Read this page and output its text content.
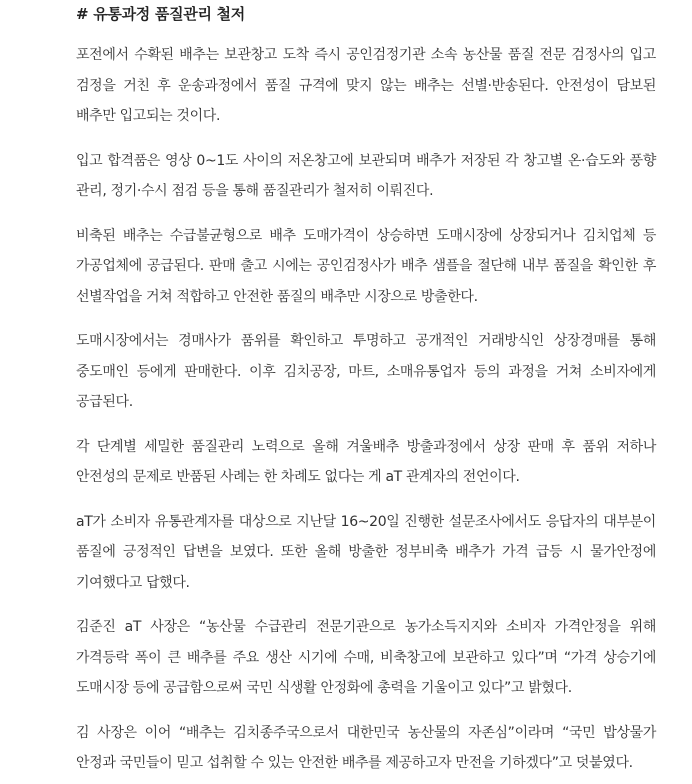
# 유통과정 품질관리 철저

포전에서 수확된 배추는 보관창고 도착 즉시 공인검정기관 소속 농산물 품질 전문 검정사의 입고 검정을 거친 후 운송과정에서 품질 규격에 맞지 않는 배추는 선별·반송된다. 안전성이 담보된 배추만 입고되는 것이다.

입고 합격품은 영상 0~1도 사이의 저온창고에 보관되며 배추가 저장된 각 창고별 온·습도와 풍향 관리, 정기·수시 점검 등을 통해 품질관리가 철저히 이뤄진다.

비축된 배추는 수급불균형으로 배추 도매가격이 상승하면 도매시장에 상장되거나 김치업체 등 가공업체에 공급된다. 판매 출고 시에는 공인검정사가 배추 샘플을 절단해 내부 품질을 확인한 후 선별작업을 거쳐 적합하고 안전한 품질의 배추만 시장으로 방출한다.

도매시장에서는 경매사가 품위를 확인하고 투명하고 공개적인 거래방식인 상장경매를 통해 중도매인 등에게 판매한다. 이후 김치공장, 마트, 소매유통업자 등의 과정을 거쳐 소비자에게 공급된다.

각 단계별 세밀한 품질관리 노력으로 올해 겨울배추 방출과정에서 상장 판매 후 품위 저하나 안전성의 문제로 반품된 사례는 한 차례도 없다는 게 aT 관계자의 전언이다.

aT가 소비자 유통관계자를 대상으로 지난달 16~20일 진행한 설문조사에서도 응답자의 대부분이 품질에 긍정적인 답변을 보였다. 또한 올해 방출한 정부비축 배추가 가격 급등 시 물가안정에 기여했다고 답했다.

김준진 aT 사장은 “농산물 수급관리 전문기관으로 농가소득지지와 소비자 가격안정을 위해 가격등락 폭이 큰 배추를 주요 생산 시기에 수매, 비축창고에 보관하고 있다”며 “가격 상승기에 도매시장 등에 공급함으로써 국민 식생활 안정화에 총력을 기울이고 있다”고 밝혔다.

김 사장은 이어 “배추는 김치종주국으로서 대한민국 농산물의 자존심”이라며 “국민 밥상물가 안정과 국민들이 믿고 섭취할 수 있는 안전한 배추를 제공하고자 만전을 기하겠다”고 덧붙였다.
